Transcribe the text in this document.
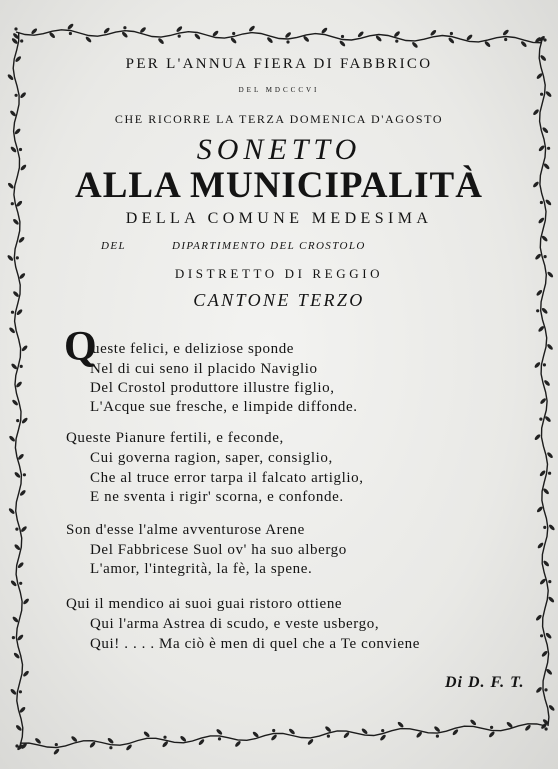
PER L'ANNUA FIERA DI FABBRICO
DEL MDCCCVI
CHE RICORRE LA TERZA DOMENICA D'AGOSTO
SONETTO
ALLA MUNICIPALITÀ
DELLA COMUNE MEDESIMA
DEL	DIPARTIMENTO DEL CROSTOLO
DISTRETTO DI REGGIO
CANTONE TERZO
Q
ueste felici, e deliziose sponde
Nel di cui seno il placido Naviglio
Del Crostol produttore illustre figlio,
L'Acque sue fresche, e limpide diffonde.
Queste Pianure fertili, e feconde,
Cui governa ragion, saper, consiglio,
Che al truce error tarpa il falcato artiglio,
E ne sventa i rigir' scorna, e confonde.
Son d'esse l'alme avventurose Arene
Del Fabbricese Suol ov' ha suo albergo
L'amor, l'integrità, la fè, la spene.
Qui il mendico ai suoi guai ristoro ottiene
Qui l'arma Astrea di scudo, e veste usbergo,
Qui! . . . . Ma ciò è men di quel che a Te conviene
Di D. F. T.
